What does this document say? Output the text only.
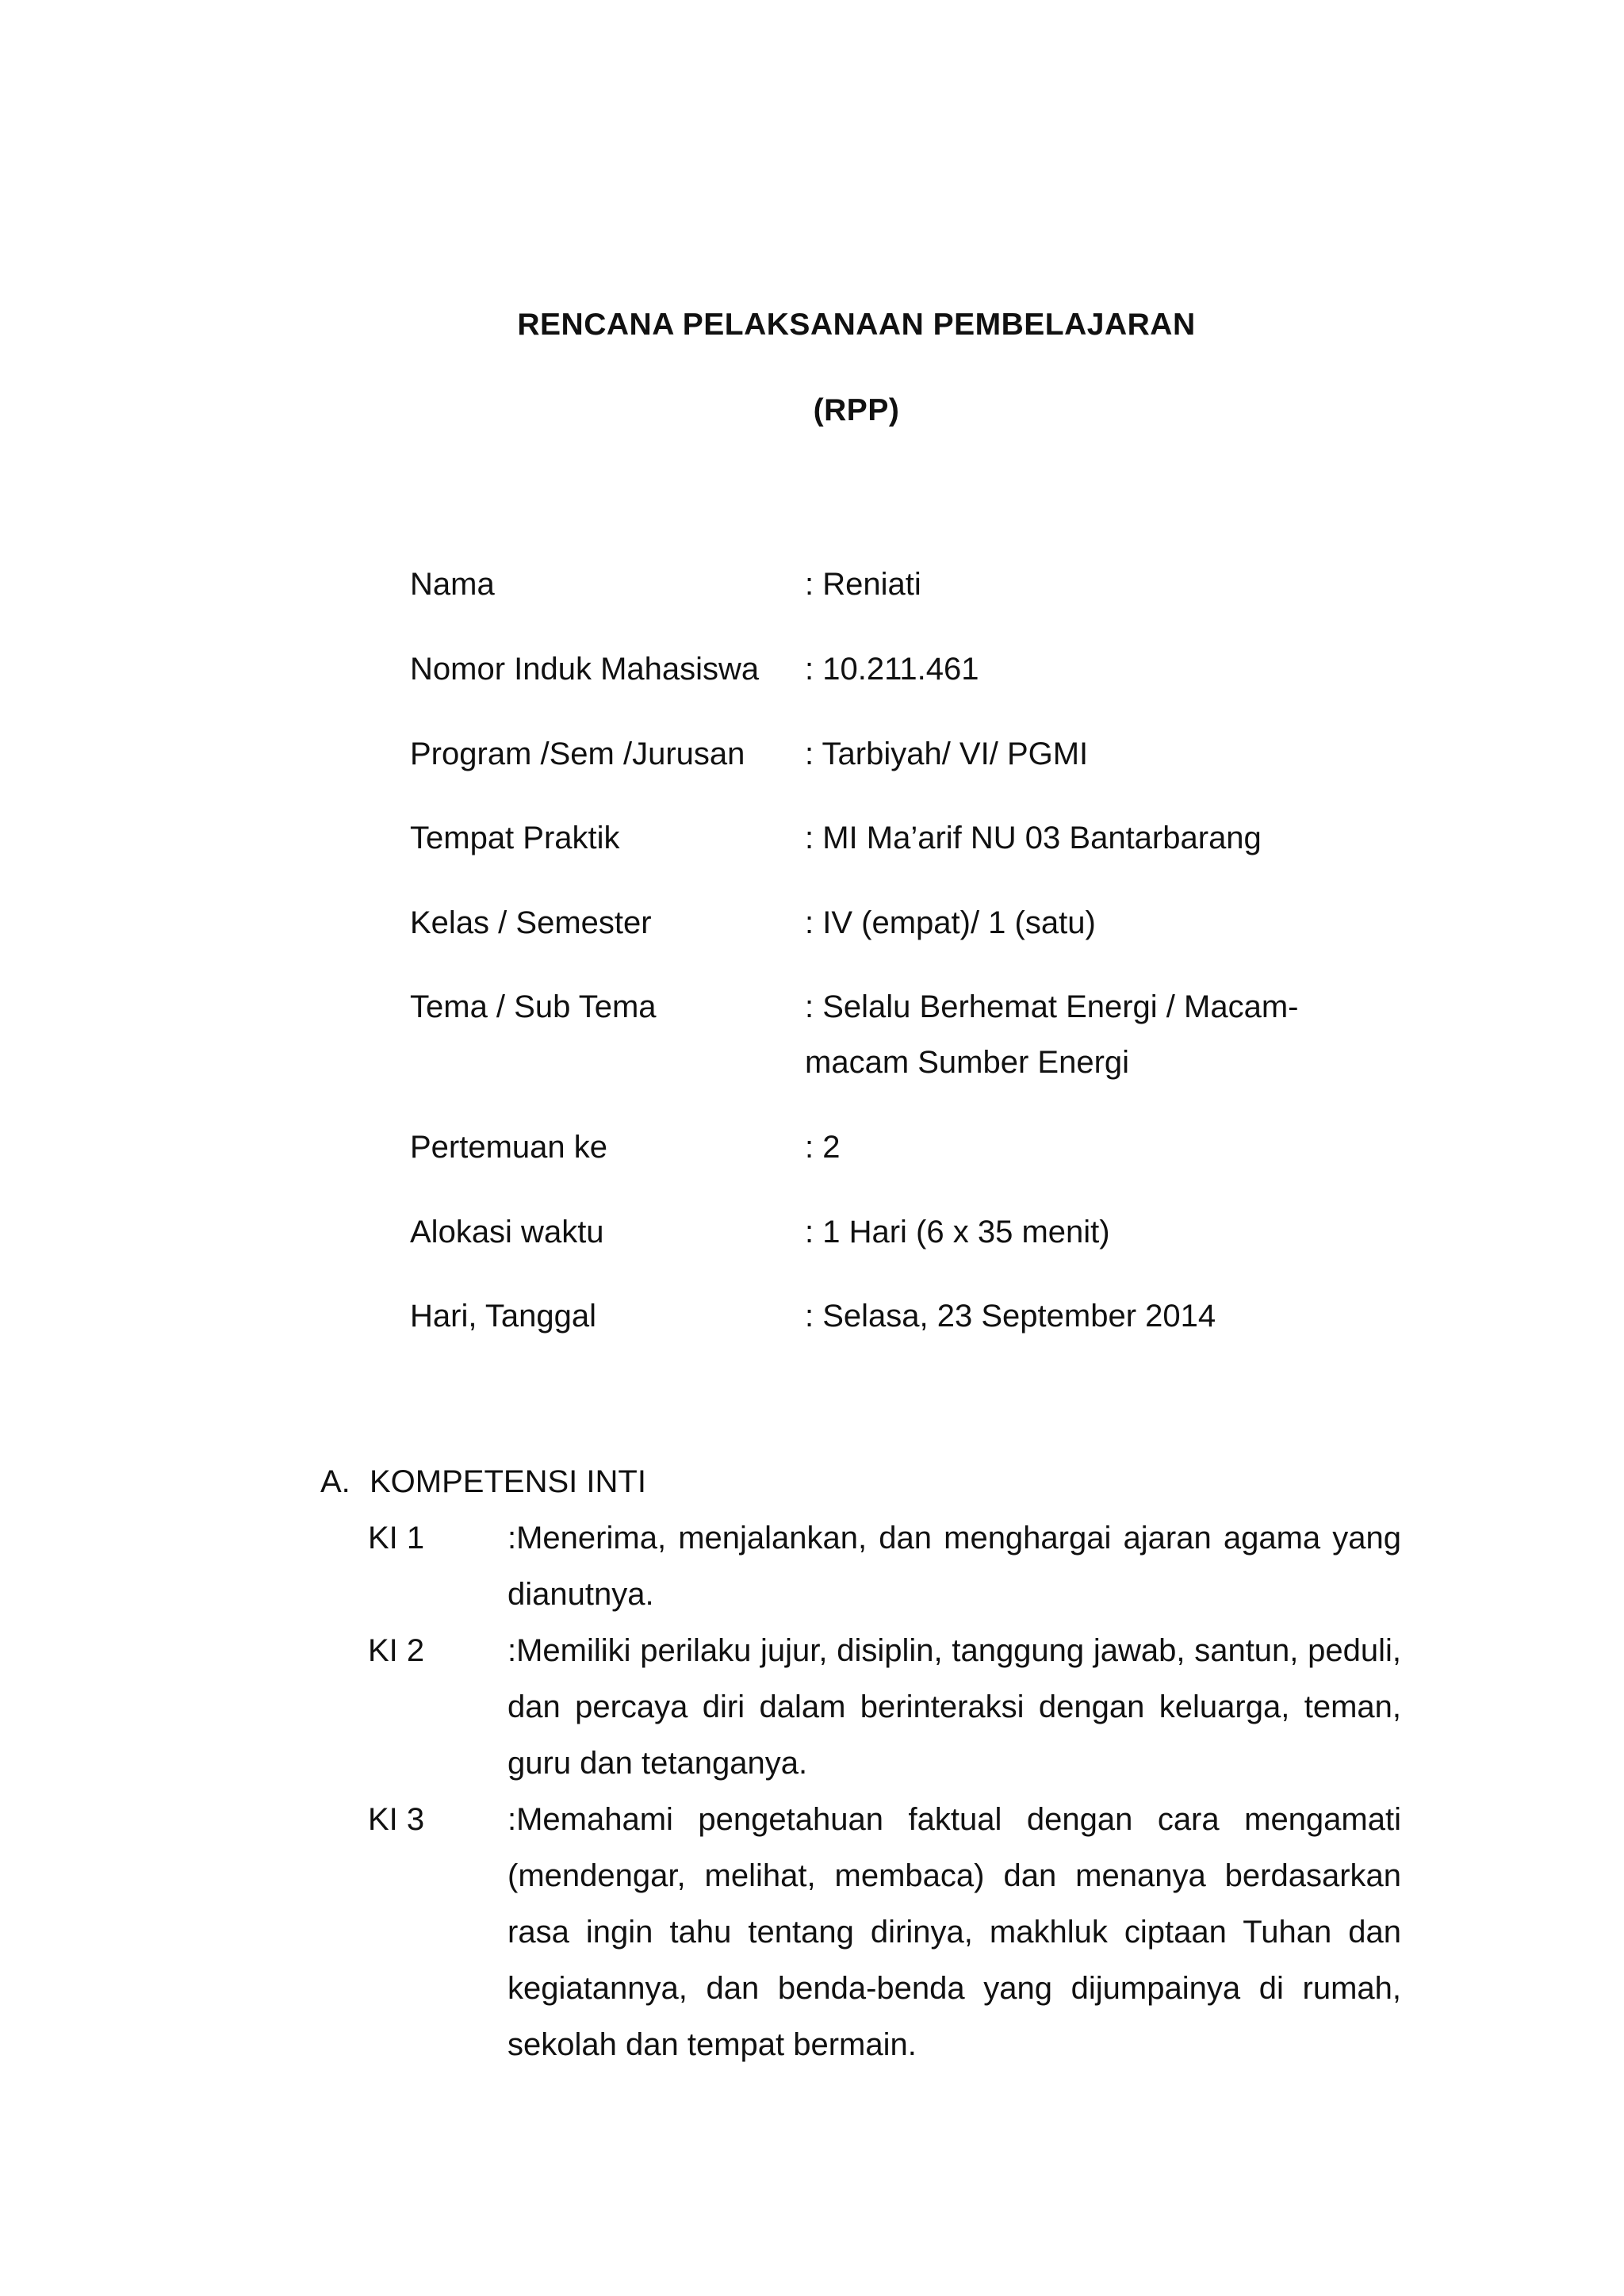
RENCANA PELAKSANAAN PEMBELAJARAN
(RPP)
Nama	: Reniati
Nomor Induk Mahasiswa : 10.211.461
Program /Sem /Jurusan : Tarbiyah/ VI/ PGMI
Tempat Praktik	: MI Ma’arif NU 03 Bantarbarang
Kelas / Semester	: IV (empat)/ 1 (satu)
Tema / Sub Tema	: Selalu Berhemat Energi / Macam-macam Sumber Energi
Pertemuan ke	: 2
Alokasi waktu	: 1 Hari (6 x 35 menit)
Hari, Tanggal	: Selasa, 23 September 2014
A. KOMPETENSI INTI
KI 1	:Menerima, menjalankan, dan menghargai ajaran agama yang dianutnya.
KI 2	:Memiliki perilaku jujur, disiplin, tanggung jawab, santun, peduli, dan percaya diri dalam berinteraksi dengan keluarga, teman, guru dan tetanganya.
KI 3	:Memahami pengetahuan faktual dengan cara mengamati (mendengar, melihat, membaca) dan menanya berdasarkan rasa ingin tahu tentang dirinya, makhluk ciptaan Tuhan dan kegiatannya, dan benda-benda yang dijumpainya di rumah, sekolah dan tempat bermain.
